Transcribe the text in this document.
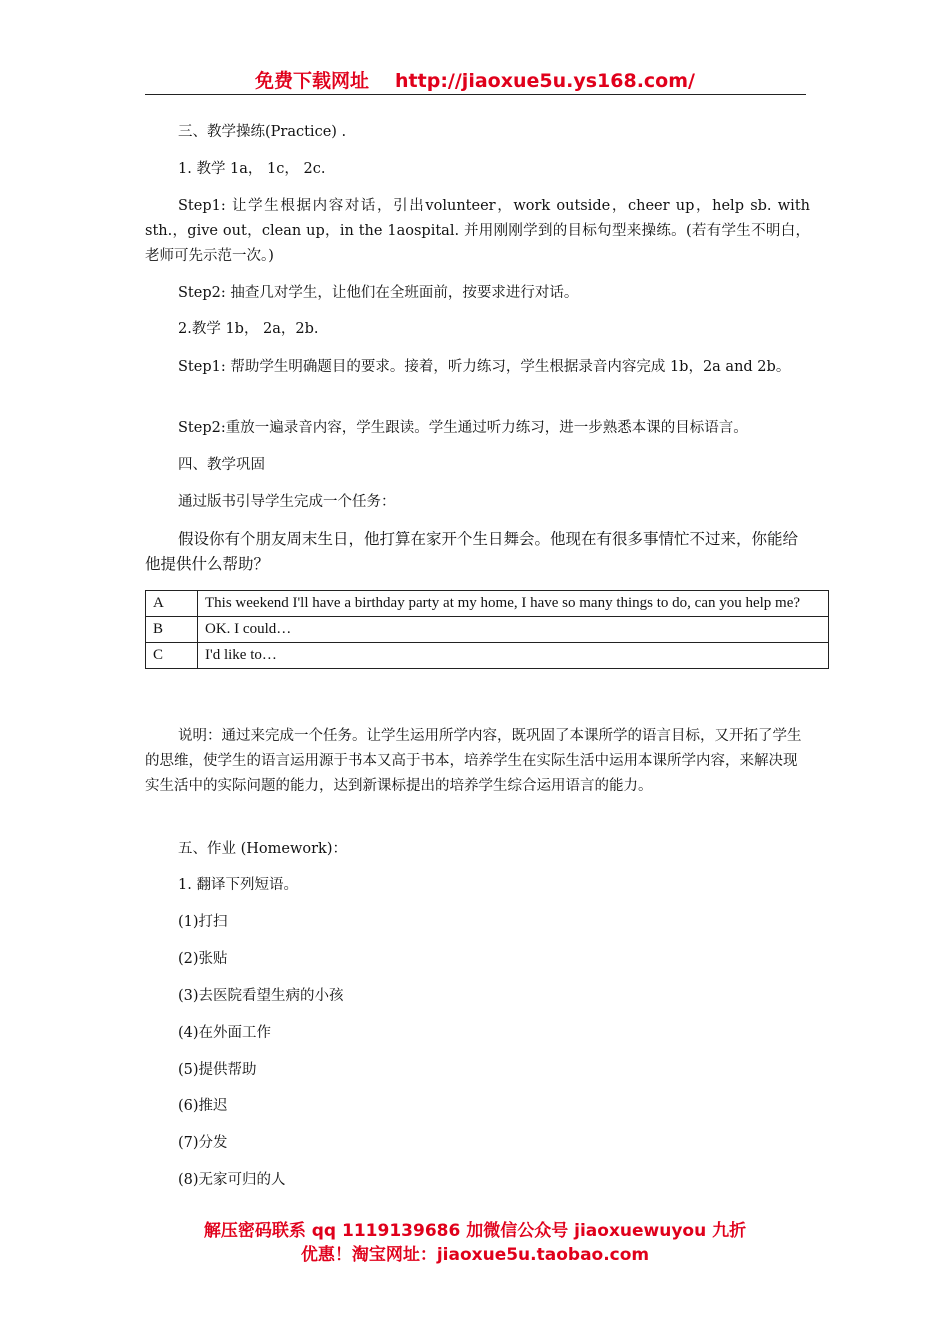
免费下载网址 http://jiaoxue5u.ys168.com/
三、教学操练(Practice) .
1. 教学 1a， 1c， 2c.
Step1: 让学生根据内容对话，引出volunteer，work outside，cheer up，help sb. with sth.，give out，clean up，in the 1aospital. 并用刚刚学到的目标句型来操练。(若有学生不明白，老师可先示范一次。)
Step2: 抽查几对学生，让他们在全班面前，按要求进行对话。
2.教学 1b， 2a，2b.
Step1: 帮助学生明确题目的要求。接着，听力练习，学生根据录音内容完成 1b，2a and 2b。
Step2:重放一遍录音内容，学生跟读。学生通过听力练习，进一步熟悉本课的目标语言。
四、教学巩固
通过版书引导学生完成一个任务：
假设你有个朋友周末生日，他打算在家开个生日舞会。他现在有很多事情忙不过来，你能给他提供什么帮助？
A	This weekend I'll have a birthday party at my home, I have so many things to do, can you help me?
B	OK. I could…
C	I'd like to…
说明：通过来完成一个任务。让学生运用所学内容，既巩固了本课所学的语言目标，又开拓了学生的思维，使学生的语言运用源于书本又高于书本，培养学生在实际生活中运用本课所学内容，来解决现实生活中的实际问题的能力，达到新课标提出的培养学生综合运用语言的能力。
五、作业 (Homework)：
1. 翻译下列短语。
(1)打扫
(2)张贴
(3)去医院看望生病的小孩
(4)在外面工作
(5)提供帮助
(6)推迟
(7)分发
(8)无家可归的人
解压密码联系 qq 1119139686 加微信公众号 jiaoxuewuyou 九折
优惠！淘宝网址：jiaoxue5u.taobao.com
